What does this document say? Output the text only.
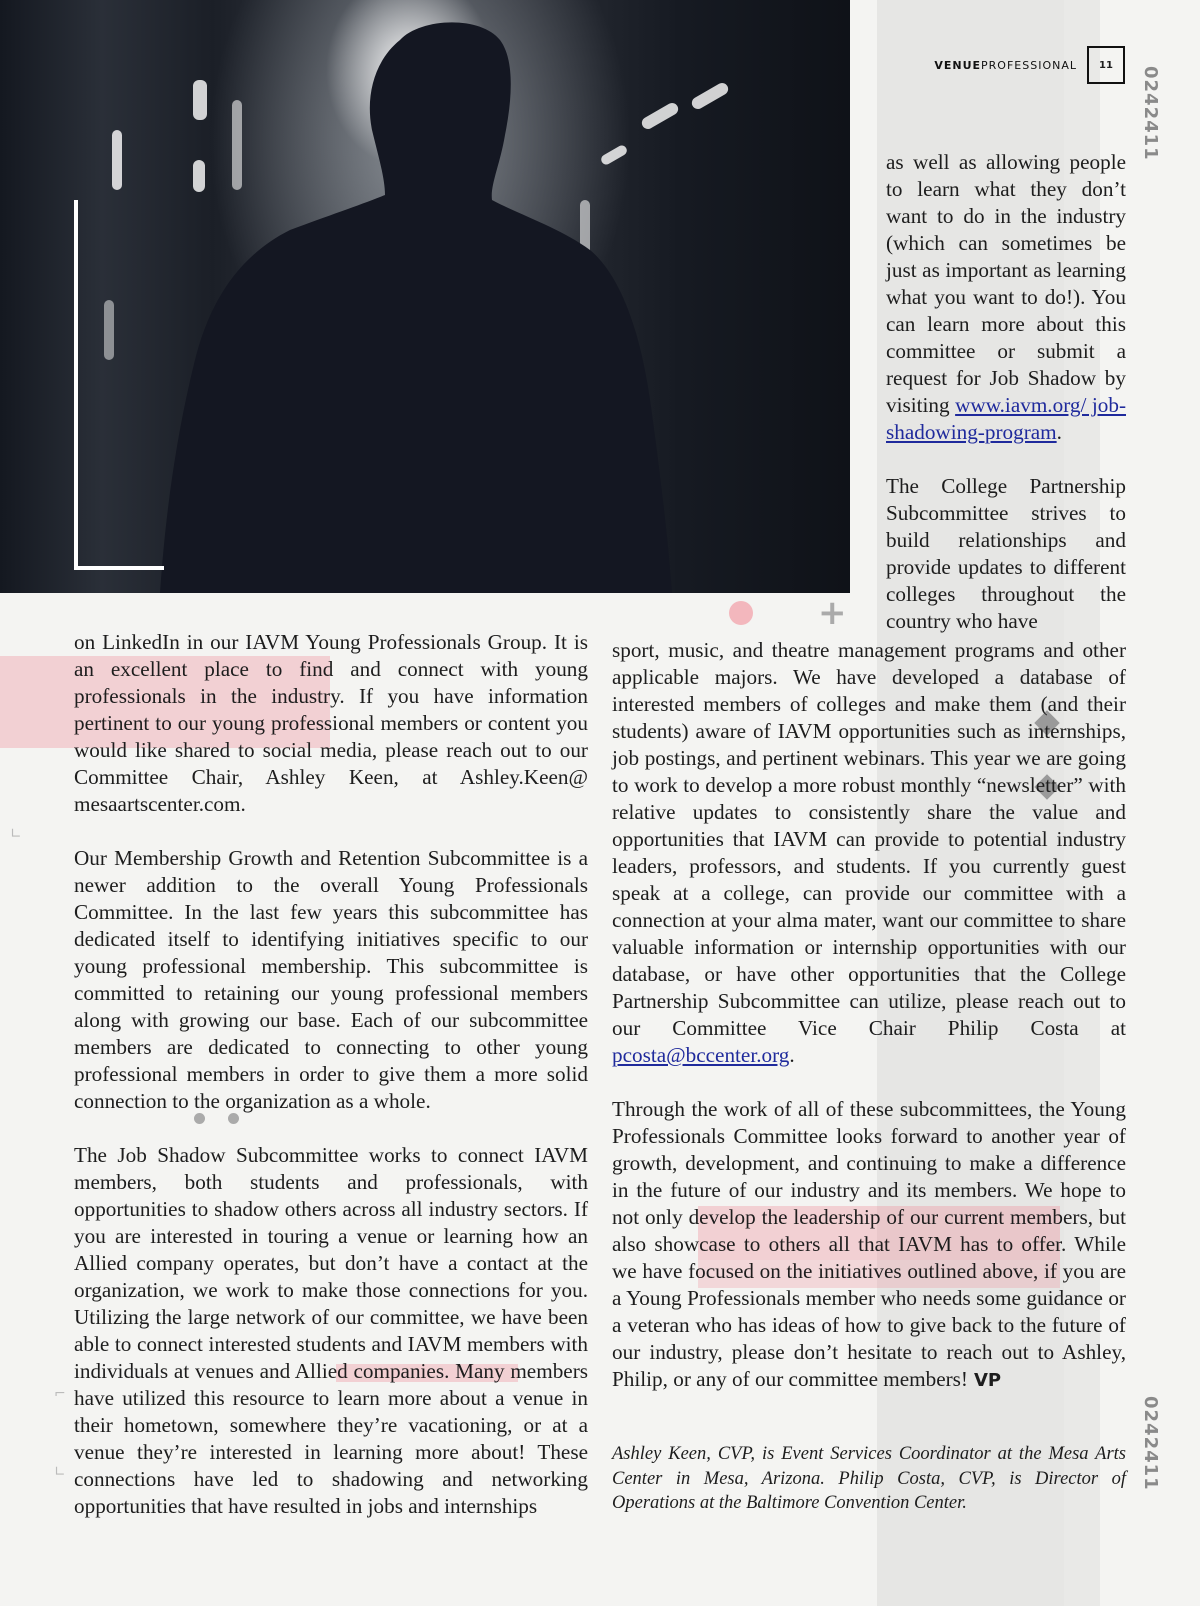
VENUEPROFESSIONAL	11
0242411
0242411
+
∟
⌐
∟

on LinkedIn in our IAVM Young Professionals Group. It is an excellent place to find and connect with young professionals in the industry. If you have information pertinent to our young professional members or content you would like shared to social media, please reach out to our Committee Chair, Ashley Keen, at Ashley.Keen@ mesaartscenter.com.

Our Membership Growth and Retention Subcommittee is a newer addition to the overall Young Professionals Committee. In the last few years this subcommittee has dedicated itself to identifying initiatives specific to our young professional membership. This subcommittee is committed to retaining our young professional members along with growing our base. Each of our subcommittee members are dedicated to connecting to other young professional members in order to give them a more solid connection to the organization as a whole.

The Job Shadow Subcommittee works to connect IAVM members, both students and professionals, with opportunities to shadow others across all industry sectors. If you are interested in touring a venue or learning how an Allied company operates, but don’t have a contact at the organization, we work to make those connections for you. Utilizing the large network of our committee, we have been able to connect interested students and IAVM members with individuals at venues and Allied companies. Many members have utilized this resource to learn more about a venue in their hometown, somewhere they’re vacationing, or at a venue they’re interested in learning more about! These connections have led to shadowing and networking opportunities that have resulted in jobs and internships

as well as allowing people to learn what they don’t want to do in the industry (which can sometimes be just as important as learning what you want to do!). You can learn more about this committee or submit a request for Job Shadow by visiting www.iavm.org/ job-shadowing-program.

The College Partnership Subcommittee strives to build relationships and provide updates to different colleges throughout the country who have

sport, music, and theatre management programs and other applicable majors. We have developed a database of interested members of colleges and make them (and their students) aware of IAVM opportunities such as internships, job postings, and pertinent webinars. This year we are going to work to develop a more robust monthly “newsletter” with relative updates to consistently share the value and opportunities that IAVM can provide to potential industry leaders, professors, and students. If you currently guest speak at a college, can provide our committee with a connection at your alma mater, want our committee to share valuable information or internship opportunities with our database, or have other opportunities that the College Partnership Subcommittee can utilize, please reach out to our Committee Vice Chair Philip Costa at pcosta@bccenter.org.

Through the work of all of these subcommittees, the Young Professionals Committee looks forward to another year of growth, development, and continuing to make a difference in the future of our industry and its members. We hope to not only develop the leadership of our current members, but also showcase to others all that IAVM has to offer. While we have focused on the initiatives outlined above, if you are a Young Professionals member who needs some guidance or a veteran who has ideas of how to give back to the future of our industry, please don’t hesitate to reach out to Ashley, Philip, or any of our committee members! VP

Ashley Keen, CVP, is Event Services Coordinator at the Mesa Arts Center in Mesa, Arizona. Philip Costa, CVP, is Director of Operations at the Baltimore Convention Center.
